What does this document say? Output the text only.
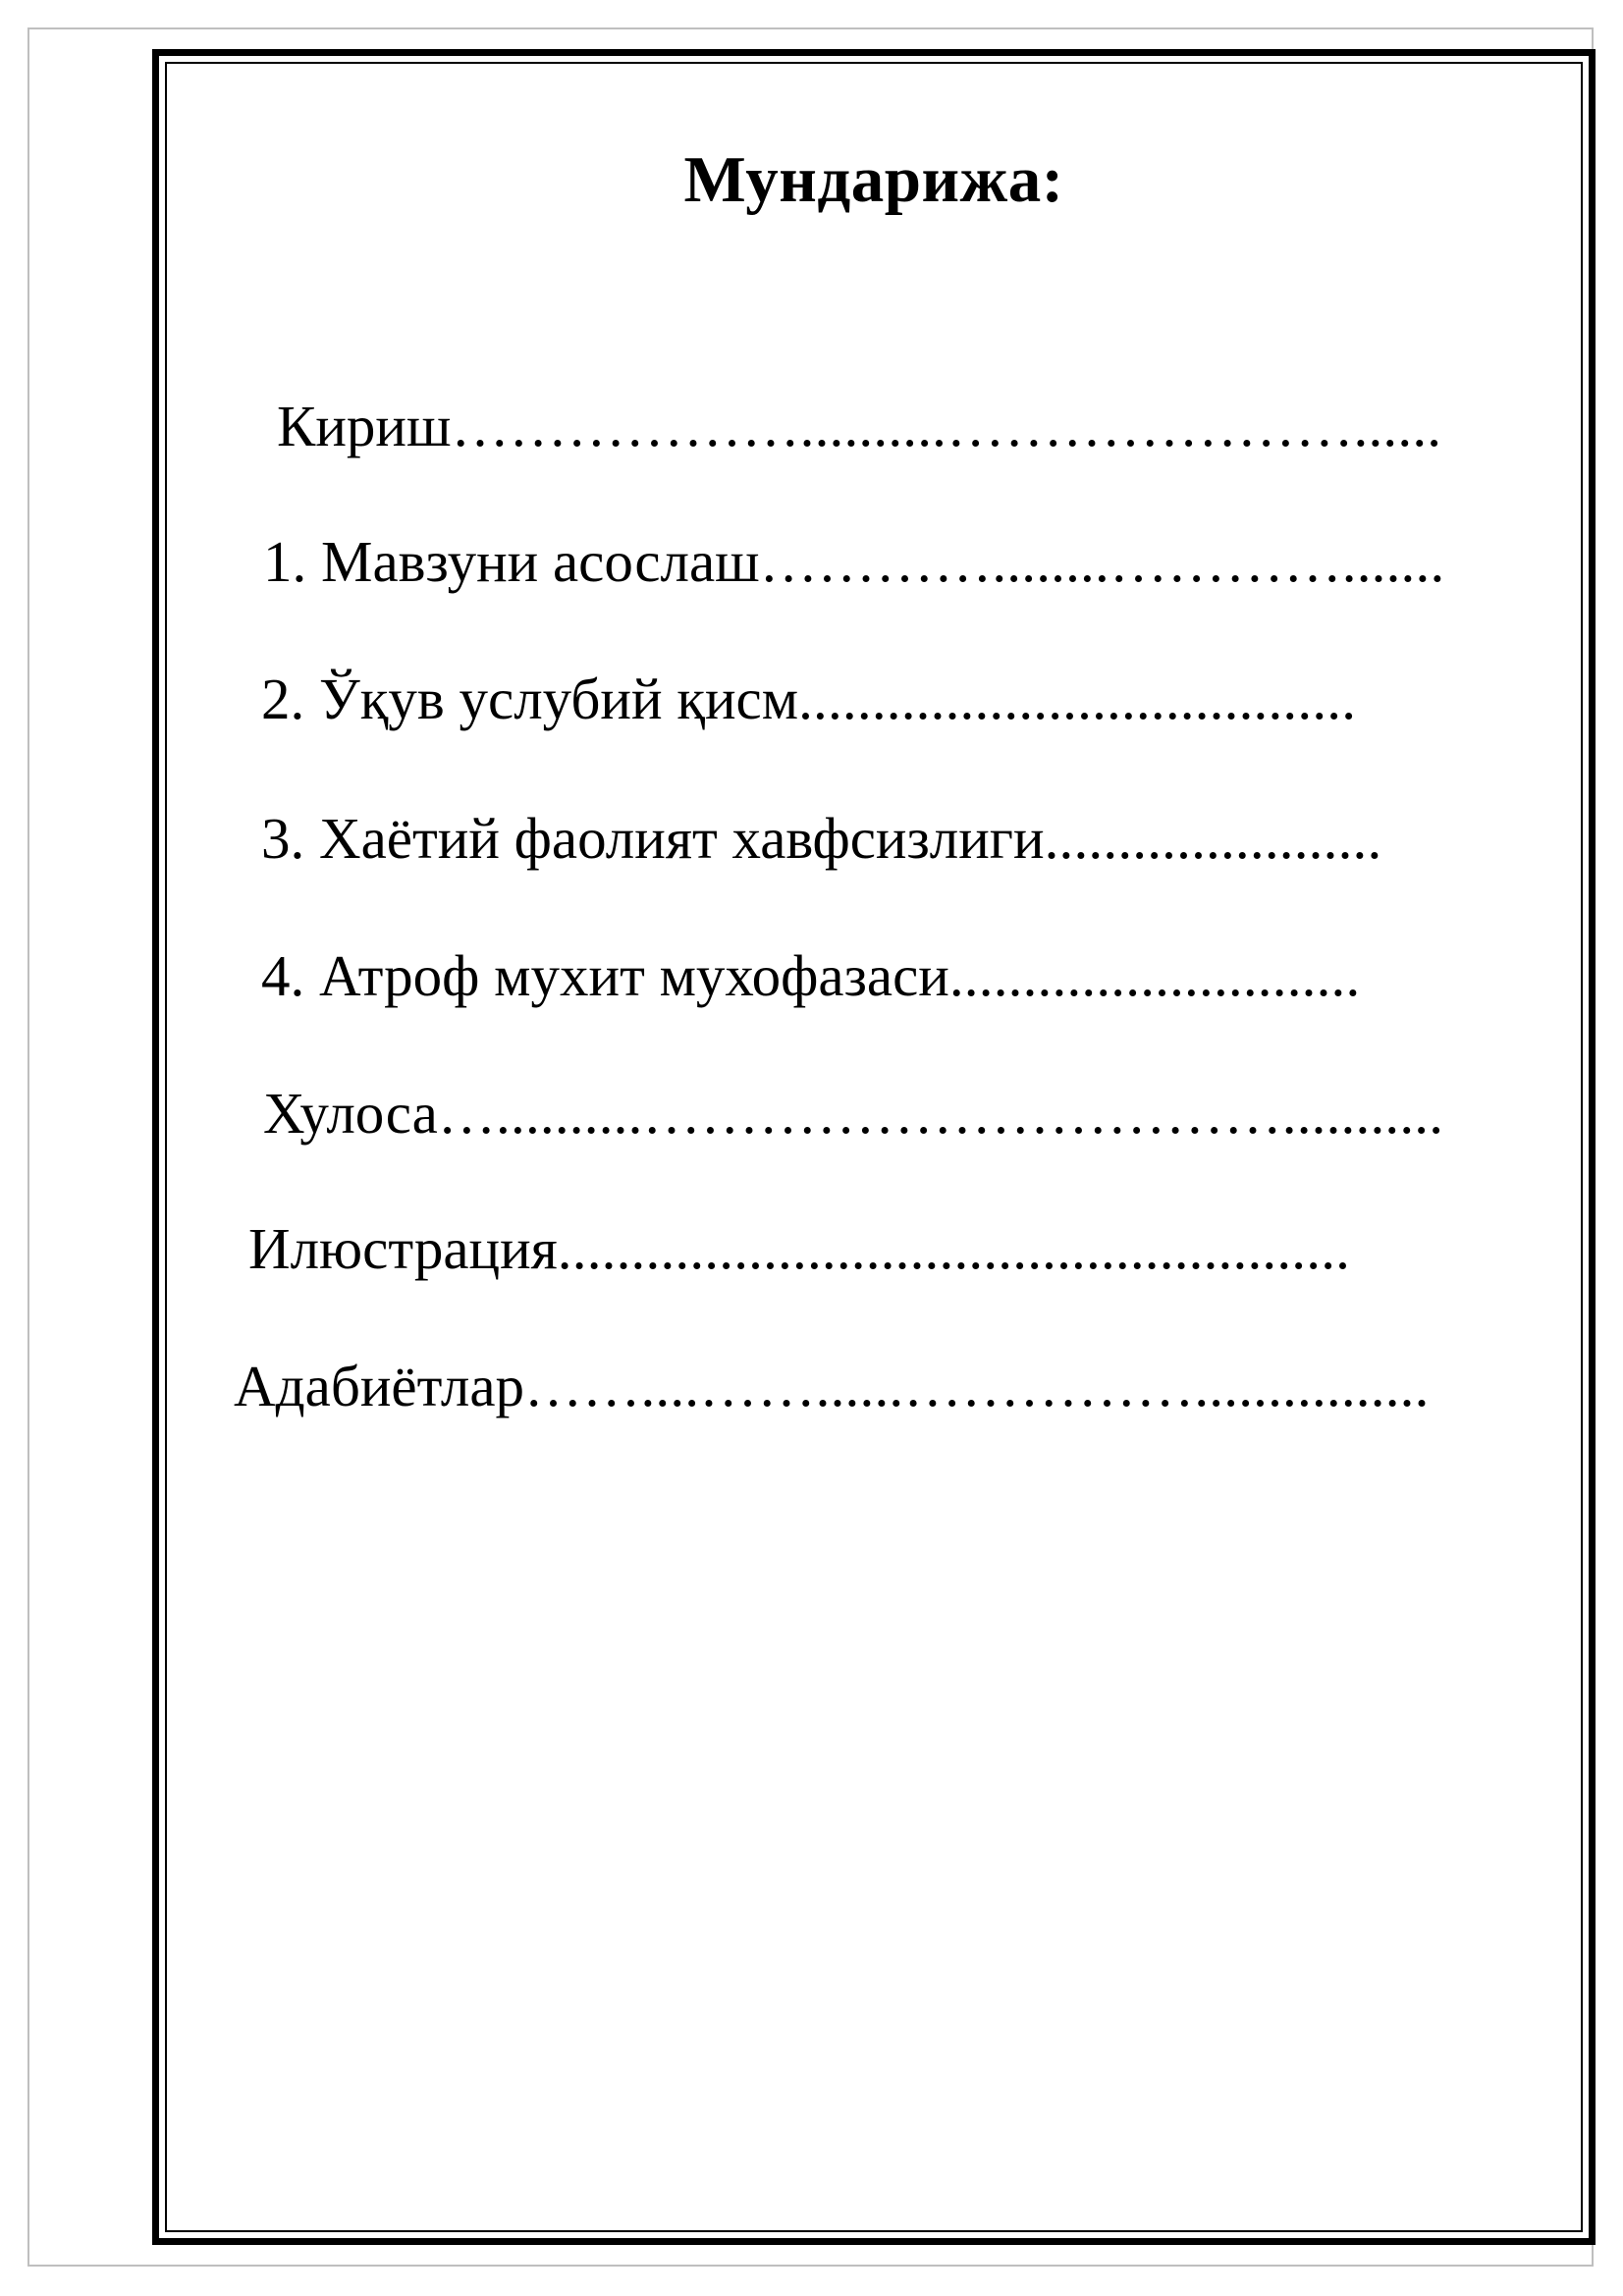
Мундарижа:
Кириш………………..........…………………......
1. Мавзуни асослаш…………........………….......
2. Ўқув услубий қисм......................................
3. Хаётий фаолият хавфсизлиги.......................
4. Атроф мухит мухофазаси............................
Хулоса…..........……………………………...........
Илюстрация......................................................
Адабиётлар……....……......……………................
